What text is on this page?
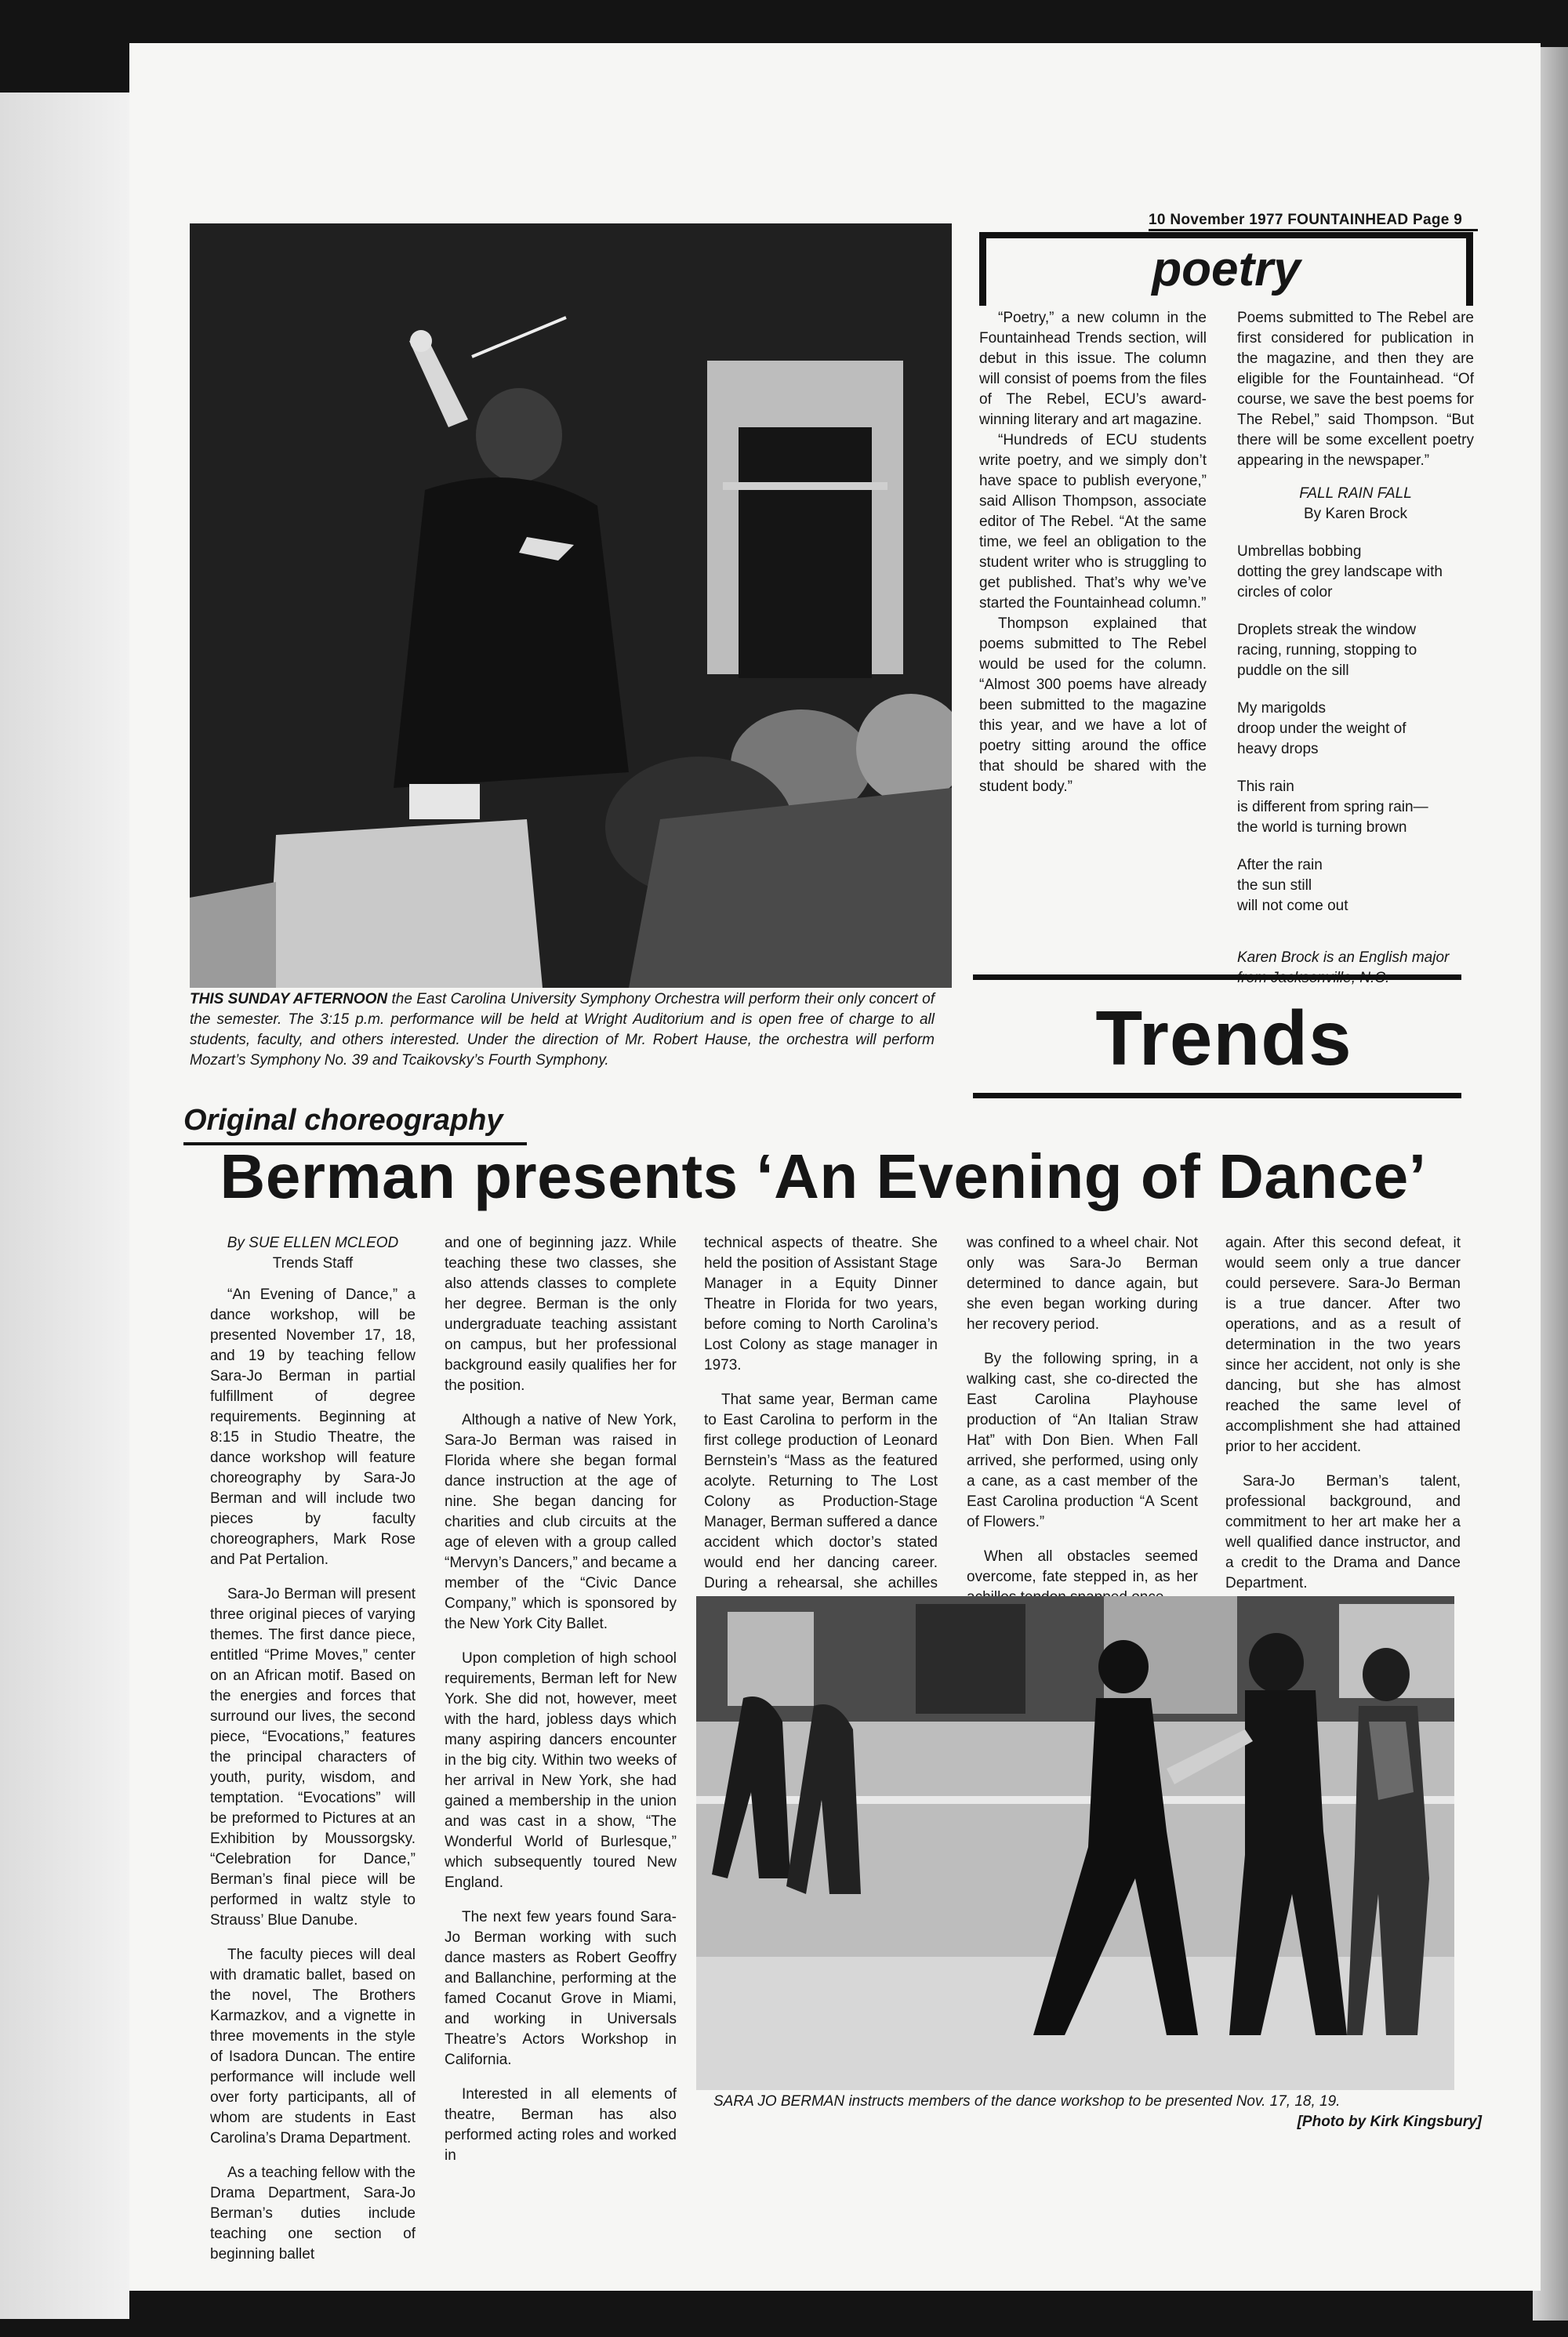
10 November 1977 FOUNTAINHEAD Page 9
poetry

“Poetry,” a new column in the Fountainhead Trends section, will debut in this issue. The column will consist of poems from the files of The Rebel, ECU’s award-winning literary and art magazine.

“Hundreds of ECU students write poetry, and we simply don’t have space to publish everyone,” said Allison Thompson, associate editor of The Rebel. “At the same time, we feel an obligation to the student writer who is struggling to get published. That’s why we’ve started the Fountainhead column.”

Thompson explained that poems submitted to The Rebel would be used for the column. “Almost 300 poems have already been submitted to the magazine this year, and we have a lot of poetry sitting around the office that should be shared with the student body.”

Poems submitted to The Rebel are first considered for publication in the magazine, and then they are eligible for the Fountainhead. “Of course, we save the best poems for The Rebel,” said Thompson. “But there will be some excellent poetry appearing in the newspaper.”
FALL RAIN FALL
By Karen Brock
Umbrellas bobbing
dotting the grey landscape with
circles of color
Droplets streak the window
racing, running, stopping to
puddle on the sill
My marigolds
droop under the weight of
heavy drops
This rain
is different from spring rain—
the world is turning brown
After the rain
the sun still
will not come out
Karen Brock is an English major
THIS SUNDAY AFTERNOON the East Carolina University Symphony Orchestra will perform their only concert of the semester. The 3:15 p.m. performance will be held at Wright Auditorium and is open free of charge to all students, faculty, and others interested. Under the direction of Mr. Robert Hause, the orchestra will perform Mozart’s Symphony No. 39 and Tcaikovsky’s Fourth Symphony.	Trends
Original choreography
Berman presents ‘An Evening of Dance’
By SUE ELLEN MCLEOD
Trends Staff

“An Evening of Dance,” a dance workshop, will be presented November 17, 18, and 19 by teaching fellow Sara-Jo Berman in partial fulfillment of degree requirements. Beginning at 8:15 in Studio Theatre, the dance workshop will feature choreography by Sara-Jo Berman and will include two pieces by faculty choreographers, Mark Rose and Pat Pertalion.

Sara-Jo Berman will present three original pieces of varying themes. The first dance piece, entitled “Prime Moves,” center on an African motif. Based on the energies and forces that surround our lives, the second piece, “Evocations,” features the principal characters of youth, purity, wisdom, and temptation. “Evocations” will be preformed to Pictures at an Exhibition by Moussorgsky. “Celebration for Dance,” Berman’s final piece will be performed in waltz style to Strauss’ Blue Danube.

The faculty pieces will deal with dramatic ballet, based on the novel, The Brothers Karmazkov, and a vignette in three movements in the style of Isadora Duncan. The entire performance will include well over forty participants, all of whom are students in East Carolina’s Drama Department.

As a teaching fellow with the Drama Department, Sara-Jo Berman’s duties include teaching one section of beginning ballet

and one of beginning jazz. While teaching these two classes, she also attends classes to complete her degree. Berman is the only undergraduate teaching assistant on campus, but her professional background easily qualifies her for the position.

Although a native of New York, Sara-Jo Berman was raised in Florida where she began formal dance instruction at the age of nine. She began dancing for charities and club circuits at the age of eleven with a group called “Mervyn’s Dancers,” and became a member of the “Civic Dance Company,” which is sponsored by the New York City Ballet.

Upon completion of high school requirements, Berman left for New York. She did not, however, meet with the hard, jobless days which many aspiring dancers encounter in the big city. Within two weeks of her arrival in New York, she had gained a membership in the union and was cast in a show, “The Wonderful World of Burlesque,” which subsequently toured New England.

The next few years found Sara-Jo Berman working with such dance masters as Robert Geoffry and Ballanchine, performing at the famed Cocanut Grove in Miami, and working in Universals Theatre’s Actors Workshop in California.

Interested in all elements of theatre, Berman has also performed acting roles and worked in

technical aspects of theatre. She held the position of Assistant Stage Manager in a Equity Dinner Theatre in Florida for two years, before coming to North Carolina’s Lost Colony as stage manager in 1973.

That same year, Berman came to East Carolina to perform in the first college production of Leonard Bernstein’s “Mass as the featured acolyte. Returning to The Lost Colony as Production-Stage Manager, Berman suffered a dance accident which doctor’s stated would end her dancing career. During a rehearsal, she achilles

was confined to a wheel chair. Not only was Sara-Jo Berman determined to dance again, but she even began working during her recovery period.

By the following spring, in a walking cast, she co-directed the East Carolina Playhouse production of “An Italian Straw Hat” with Don Bien. When Fall arrived, she performed, using only a cane, as a cast member of the East Carolina production “A Scent of Flowers.”

When all obstacles seemed overcome, fate stepped in, as her

again. After this second defeat, it would seem only a true dancer could persevere. Sara-Jo Berman is a true dancer. After two operations, and as a result of determination in the two years since her accident, not only is she dancing, but she has almost reached the same level of accomplishment she had attained prior to her accident.

Sara-Jo Berman’s talent, professional background, and commitment to her art make her a well qualified dance instructor, and a credit to the Drama and Dance Department.

SARA JO BERMAN instructs members of the dance workshop to be presented Nov. 17, 18, 19.
[Photo by Kirk Kingsbury]
